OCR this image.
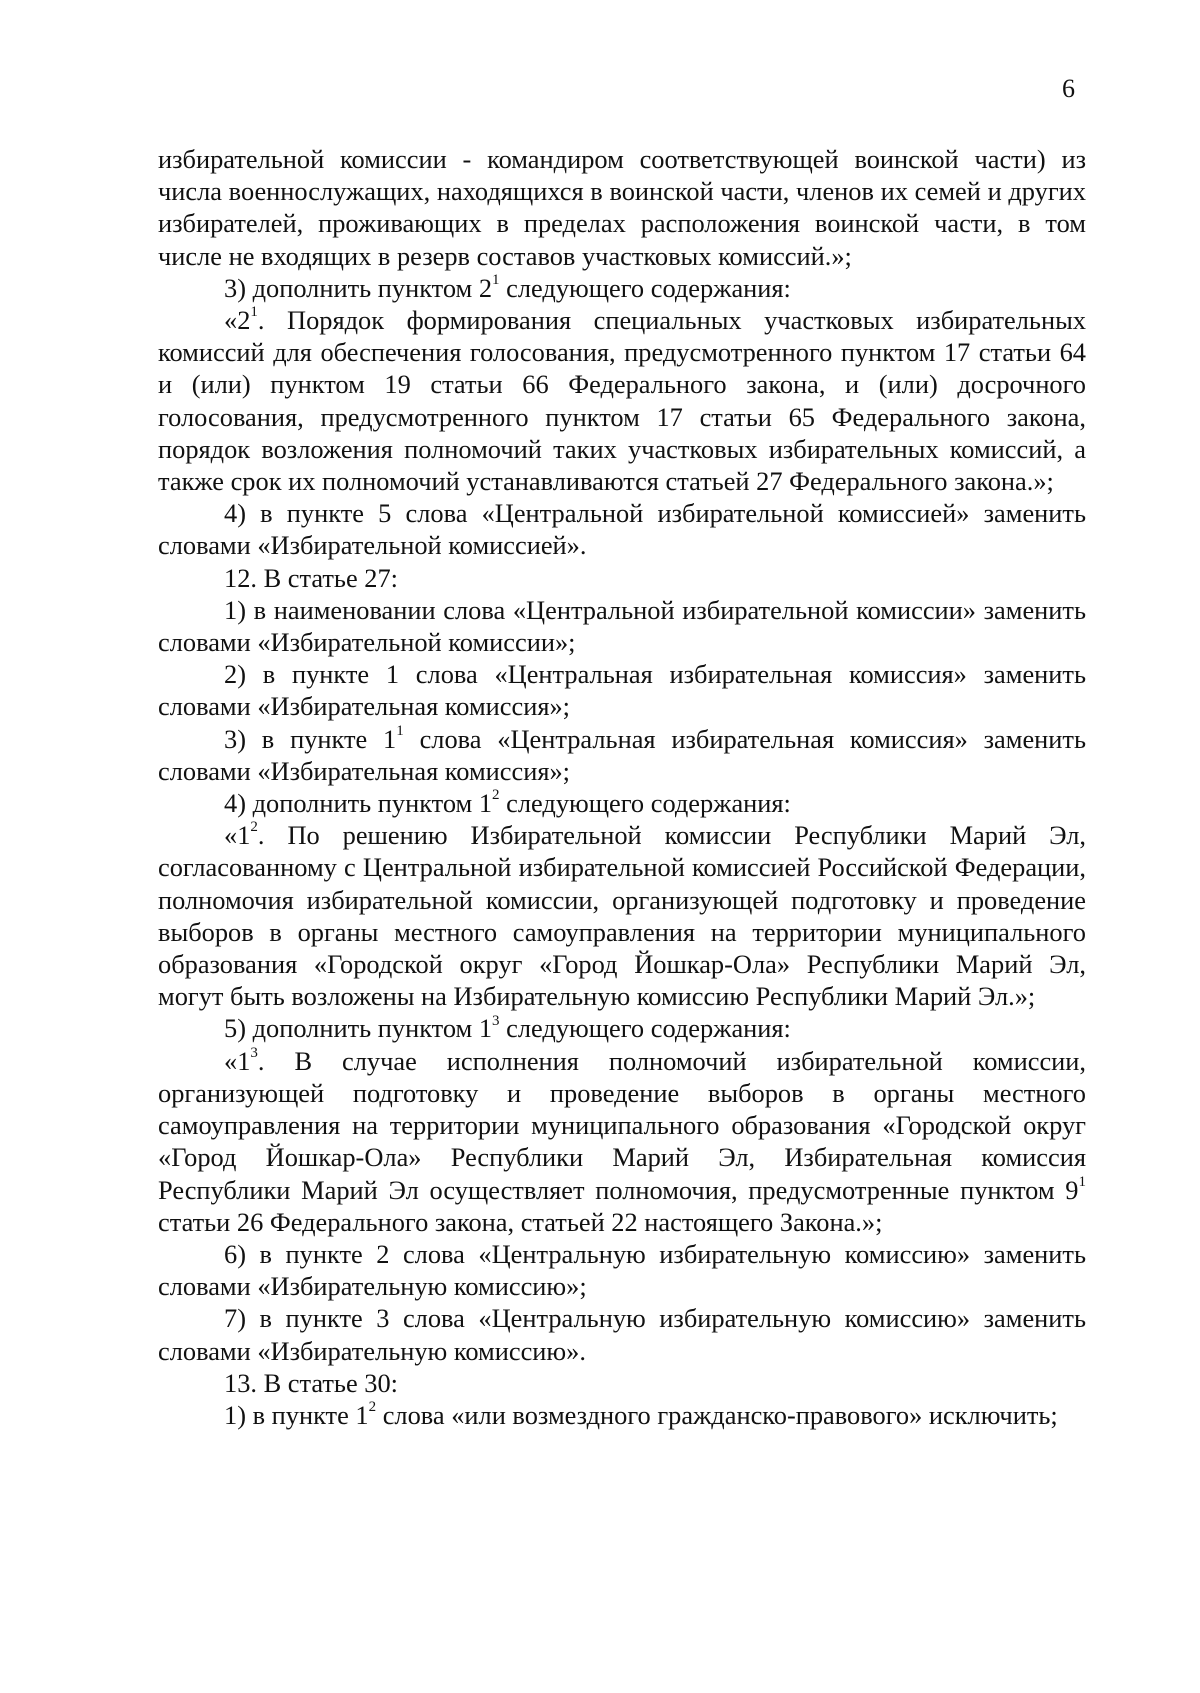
6

избирательной комиссии - командиром соответствующей воинской части) из числа военнослужащих, находящихся в воинской части, членов их семей и других избирателей, проживающих в пределах расположения воинской части, в том числе не входящих в резерв составов участковых комиссий.»;

3) дополнить пунктом $2^1$ следующего содержания:

«$2^1$. Порядок формирования специальных участковых избирательных комиссий для обеспечения голосования, предусмотренного пунктом 17 статьи 64 и (или) пунктом 19 статьи 66 Федерального закона, и (или) досрочного голосования, предусмотренного пунктом 17 статьи 65 Федерального закона, порядок возложения полномочий таких участковых избирательных комиссий, а также срок их полномочий устанавливаются статьей 27 Федерального закона.»;

4) в пункте 5 слова «Центральной избирательной комиссией» заменить словами «Избирательной комиссией».

12. В статье 27:

1) в наименовании слова «Центральной избирательной комиссии» заменить словами «Избирательной комиссии»;

2) в пункте 1 слова «Центральная избирательная комиссия» заменить словами «Избирательная комиссия»;

3) в пункте $1^1$ слова «Центральная избирательная комиссия» заменить словами «Избирательная комиссия»;

4) дополнить пунктом $1^2$ следующего содержания:

«$1^2$. По решению Избирательной комиссии Республики Марий Эл, согласованному с Центральной избирательной комиссией Российской Федерации, полномочия избирательной комиссии, организующей подготовку и проведение выборов в органы местного самоуправления на территории муниципального образования «Городской округ «Город Йошкар-Ола» Республики Марий Эл, могут быть возложены на Избирательную комиссию Республики Марий Эл.»;

5) дополнить пунктом $1^3$ следующего содержания:

«$1^3$. В случае исполнения полномочий избирательной комиссии, организующей подготовку и проведение выборов в органы местного самоуправления на территории муниципального образования «Городской округ «Город Йошкар-Ола» Республики Марий Эл, Избирательная комиссия Республики Марий Эл осуществляет полномочия, предусмотренные пунктом $9^1$ статьи 26 Федерального закона, статьей 22 настоящего Закона.»;

6) в пункте 2 слова «Центральную избирательную комиссию» заменить словами «Избирательную комиссию»;

7) в пункте 3 слова «Центральную избирательную комиссию» заменить словами «Избирательную комиссию».

13. В статье 30:

1) в пункте $1^2$ слова «или возмездного гражданско-правового» исключить;
